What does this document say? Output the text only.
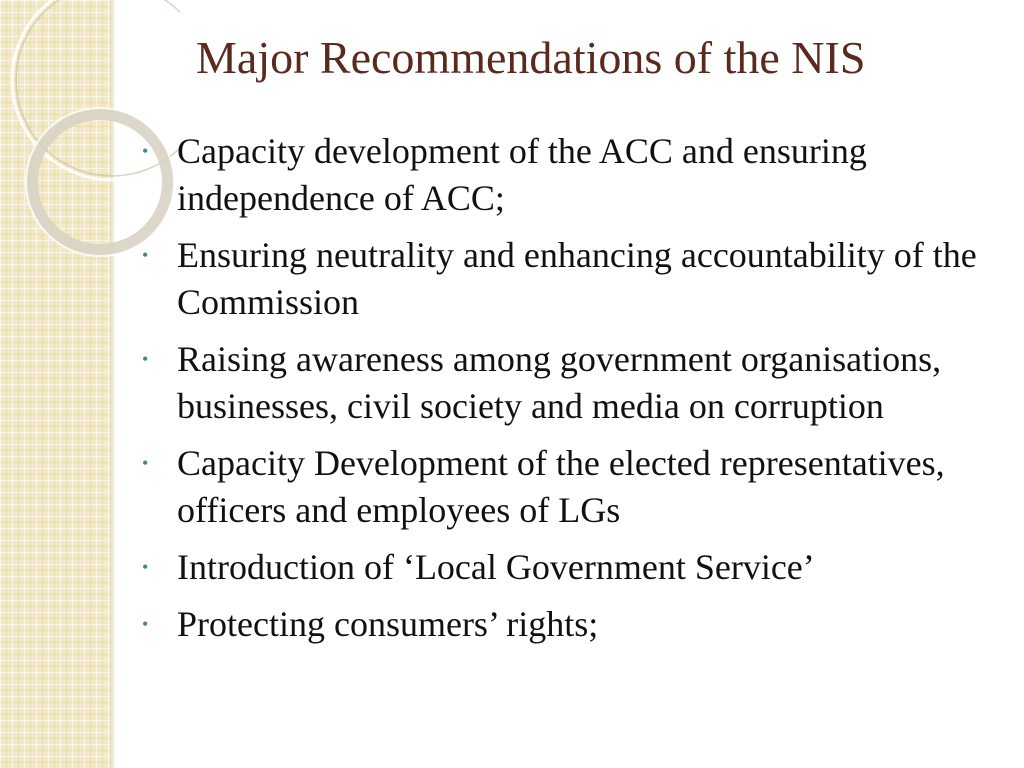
Major Recommendations of the NIS
• Capacity development of the ACC and ensuring independence of ACC;
• Ensuring neutrality and enhancing accountability of the Commission
• Raising awareness among government organisations, businesses, civil society and media on corruption
• Capacity Development of the elected representatives, officers and employees of LGs
• Introduction of ‘Local Government Service’
• Protecting consumers’ rights;
